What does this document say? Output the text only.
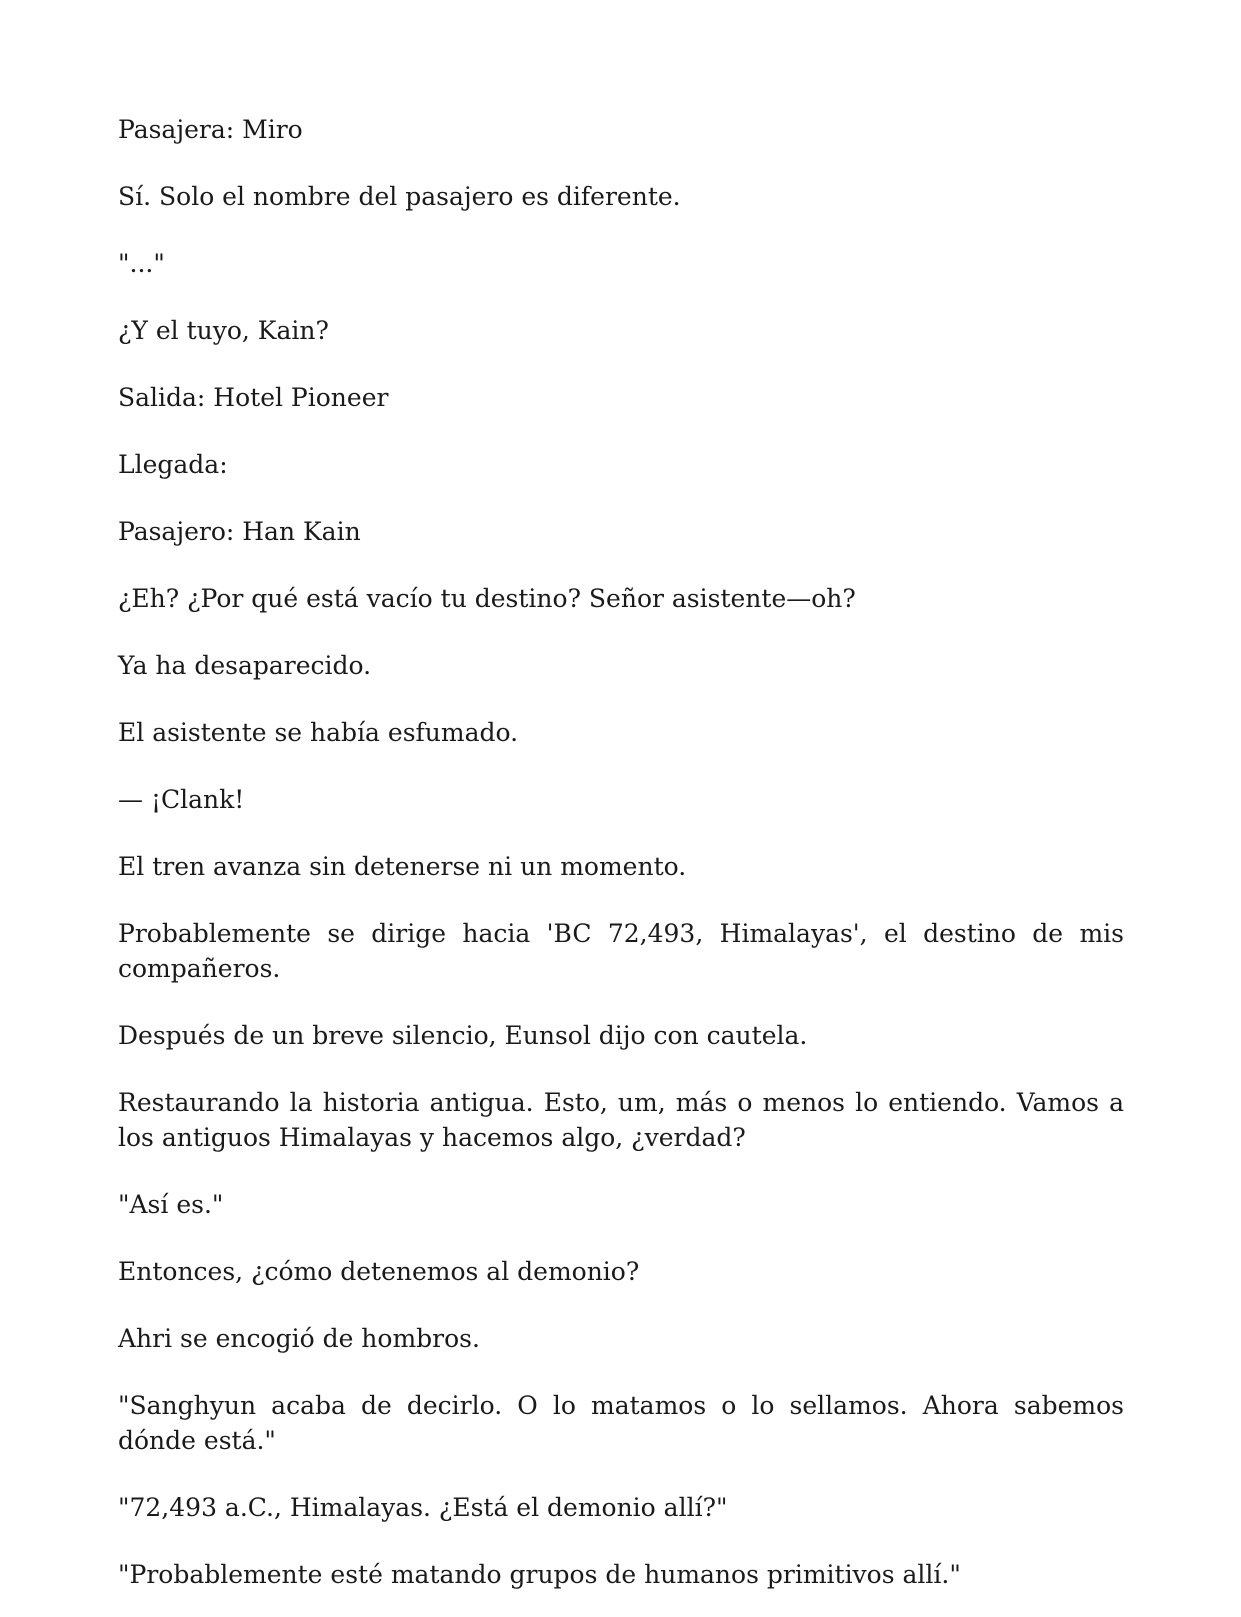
Pasajera: Miro

Sí. Solo el nombre del pasajero es diferente.

"..."

¿Y el tuyo, Kain?

Salida: Hotel Pioneer

Llegada:

Pasajero: Han Kain

¿Eh? ¿Por qué está vacío tu destino? Señor asistente—oh?

Ya ha desaparecido.

El asistente se había esfumado.

— ¡Clank!

El tren avanza sin detenerse ni un momento.

Probablemente se dirige hacia 'BC 72,493, Himalayas', el destino de mis compañeros.

Después de un breve silencio, Eunsol dijo con cautela.

Restaurando la historia antigua. Esto, um, más o menos lo entiendo. Vamos a los antiguos Himalayas y hacemos algo, ¿verdad?

"Así es."

Entonces, ¿cómo detenemos al demonio?

Ahri se encogió de hombros.

"Sanghyun acaba de decirlo. O lo matamos o lo sellamos. Ahora sabemos dónde está."

"72,493 a.C., Himalayas. ¿Está el demonio allí?"

"Probablemente esté matando grupos de humanos primitivos allí."
